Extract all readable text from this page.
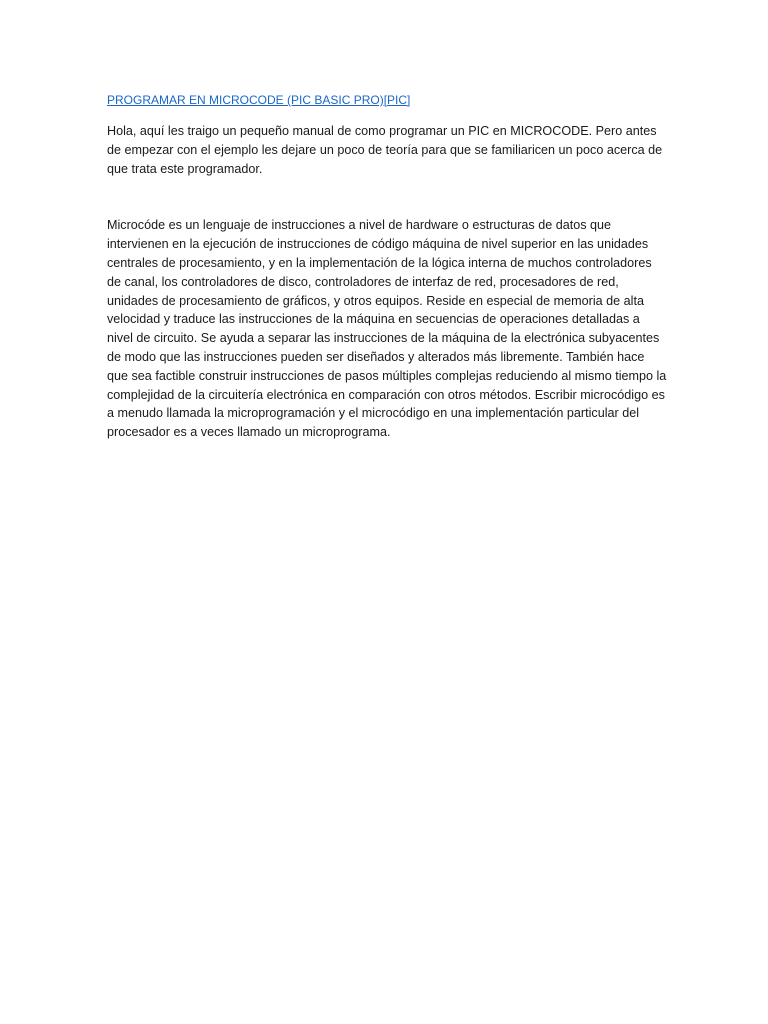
PROGRAMAR EN MICROCODE (PIC BASIC PRO)[PIC]

Hola, aquí les traigo un pequeño manual de como programar un PIC en MICROCODE. Pero antes de empezar con el ejemplo les dejare un poco de teoría para que se familiaricen un poco acerca de que trata este programador.

Microcóde es un lenguaje de instrucciones a nivel de hardware o estructuras de datos que intervienen en la ejecución de instrucciones de código máquina de nivel superior en las unidades centrales de procesamiento, y en la implementación de la lógica interna de muchos controladores de canal, los controladores de disco, controladores de interfaz de red, procesadores de red, unidades de procesamiento de gráficos, y otros equipos. Reside en especial de memoria de alta velocidad y traduce las instrucciones de la máquina en secuencias de operaciones detalladas a nivel de circuito. Se ayuda a separar las instrucciones de la máquina de la electrónica subyacentes de modo que las instrucciones pueden ser diseñados y alterados más libremente. También hace que sea factible construir instrucciones de pasos múltiples complejas reduciendo al mismo tiempo la complejidad de la circuitería electrónica en comparación con otros métodos. Escribir microcódigo es a menudo llamada la microprogramación y el microcódigo en una implementación particular del procesador es a veces llamado un microprograma.
